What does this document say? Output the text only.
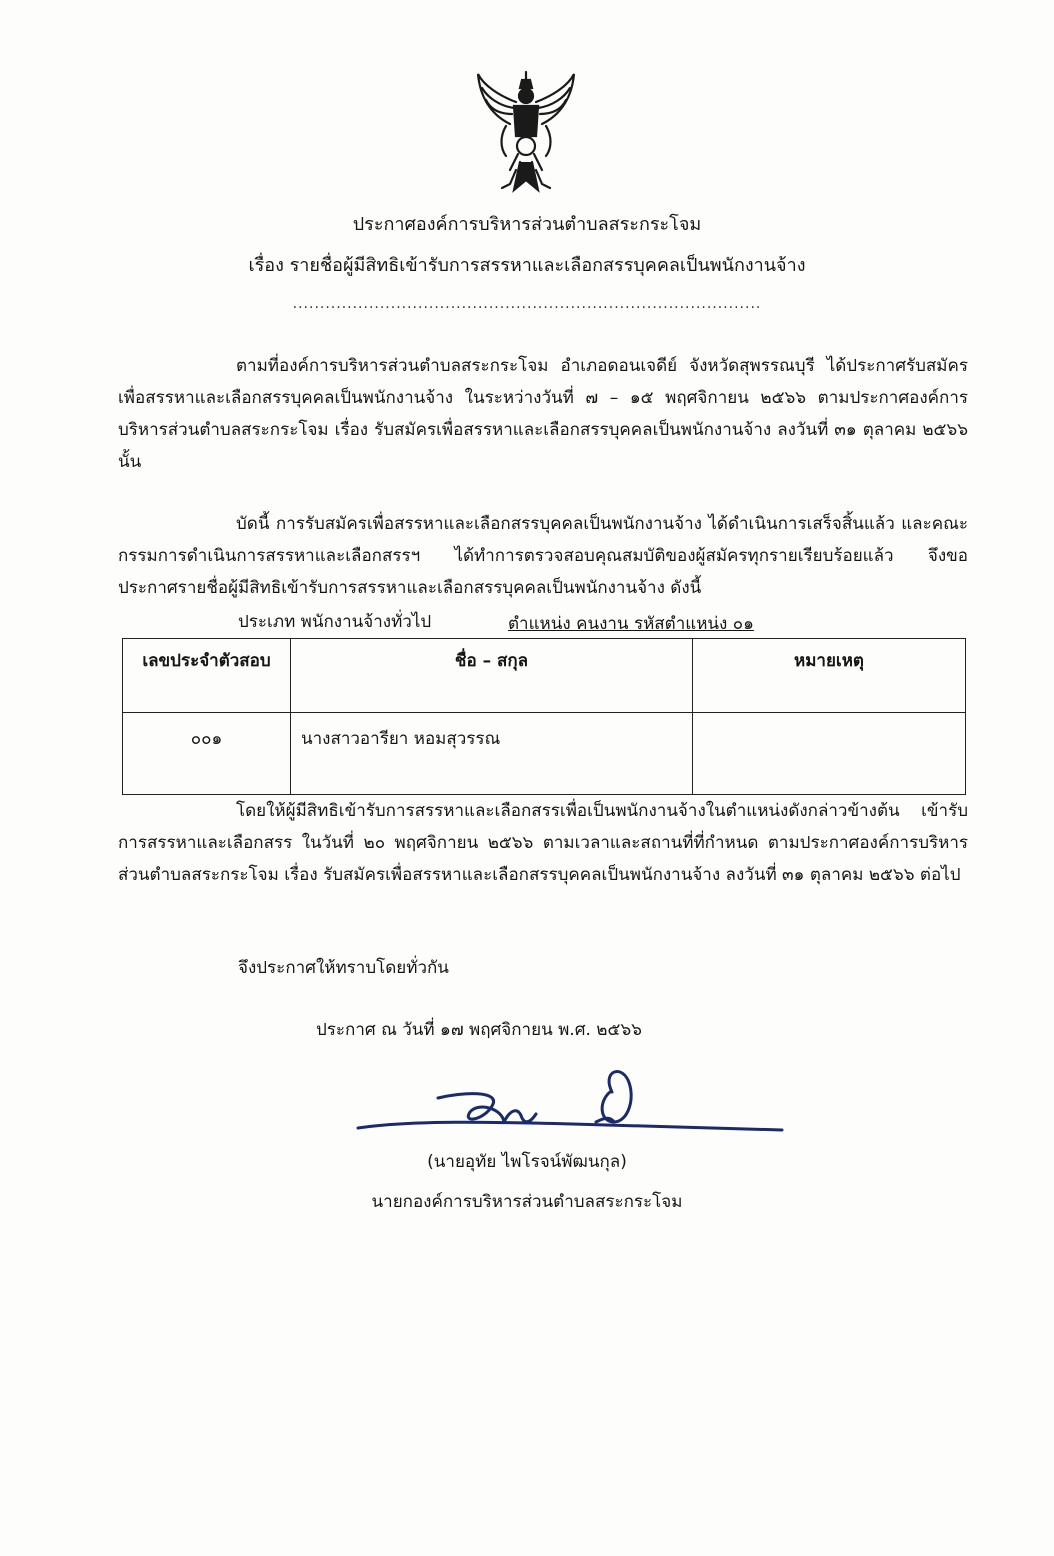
ประกาศองค์การบริหารส่วนตำบลสระกระโจม
เรื่อง รายชื่อผู้มีสิทธิเข้ารับการสรรหาและเลือกสรรบุคคลเป็นพนักงานจ้าง
......................................................................................

ตามที่องค์การบริหารส่วนตำบลสระกระโจม อำเภอดอนเจดีย์ จังหวัดสุพรรณบุรี ได้ประกาศรับสมัครเพื่อสรรหาและเลือกสรรบุคคลเป็นพนักงานจ้าง ในระหว่างวันที่ ๗ – ๑๕ พฤศจิกายน ๒๕๖๖ ตามประกาศองค์การบริหารส่วนตำบลสระกระโจม เรื่อง รับสมัครเพื่อสรรหาและเลือกสรรบุคคลเป็นพนักงานจ้าง ลงวันที่ ๓๑ ตุลาคม ๒๕๖๖ นั้น

บัดนี้ การรับสมัครเพื่อสรรหาและเลือกสรรบุคคลเป็นพนักงานจ้าง ได้ดำเนินการเสร็จสิ้นแล้ว และคณะกรรมการดำเนินการสรรหาและเลือกสรรฯ ได้ทำการตรวจสอบคุณสมบัติของผู้สมัครทุกรายเรียบร้อยแล้ว จึงขอประกาศรายชื่อผู้มีสิทธิเข้ารับการสรรหาและเลือกสรรบุคคลเป็นพนักงานจ้าง ดังนี้

ประเภท พนักงานจ้างทั่วไป	ตำแหน่ง คนงาน รหัสตำแหน่ง ๐๑
เลขประจำตัวสอบ	ชื่อ – สกุล	หมายเหตุ
๐๐๑	นางสาวอารียา หอมสุวรรณ	

โดยให้ผู้มีสิทธิเข้ารับการสรรหาและเลือกสรรเพื่อเป็นพนักงานจ้างในตำแหน่งดังกล่าวข้างต้น เข้ารับการสรรหาและเลือกสรร ในวันที่ ๒๐ พฤศจิกายน ๒๕๖๖ ตามเวลาและสถานที่ที่กำหนด ตามประกาศองค์การบริหารส่วนตำบลสระกระโจม เรื่อง รับสมัครเพื่อสรรหาและเลือกสรรบุคคลเป็นพนักงานจ้าง ลงวันที่ ๓๑ ตุลาคม ๒๕๖๖ ต่อไป

จึงประกาศให้ทราบโดยทั่วกัน
ประกาศ ณ วันที่ ๑๗ พฤศจิกายน พ.ศ. ๒๕๖๖
(นายอุทัย ไพโรจน์พัฒนกุล)
นายกองค์การบริหารส่วนตำบลสระกระโจม
